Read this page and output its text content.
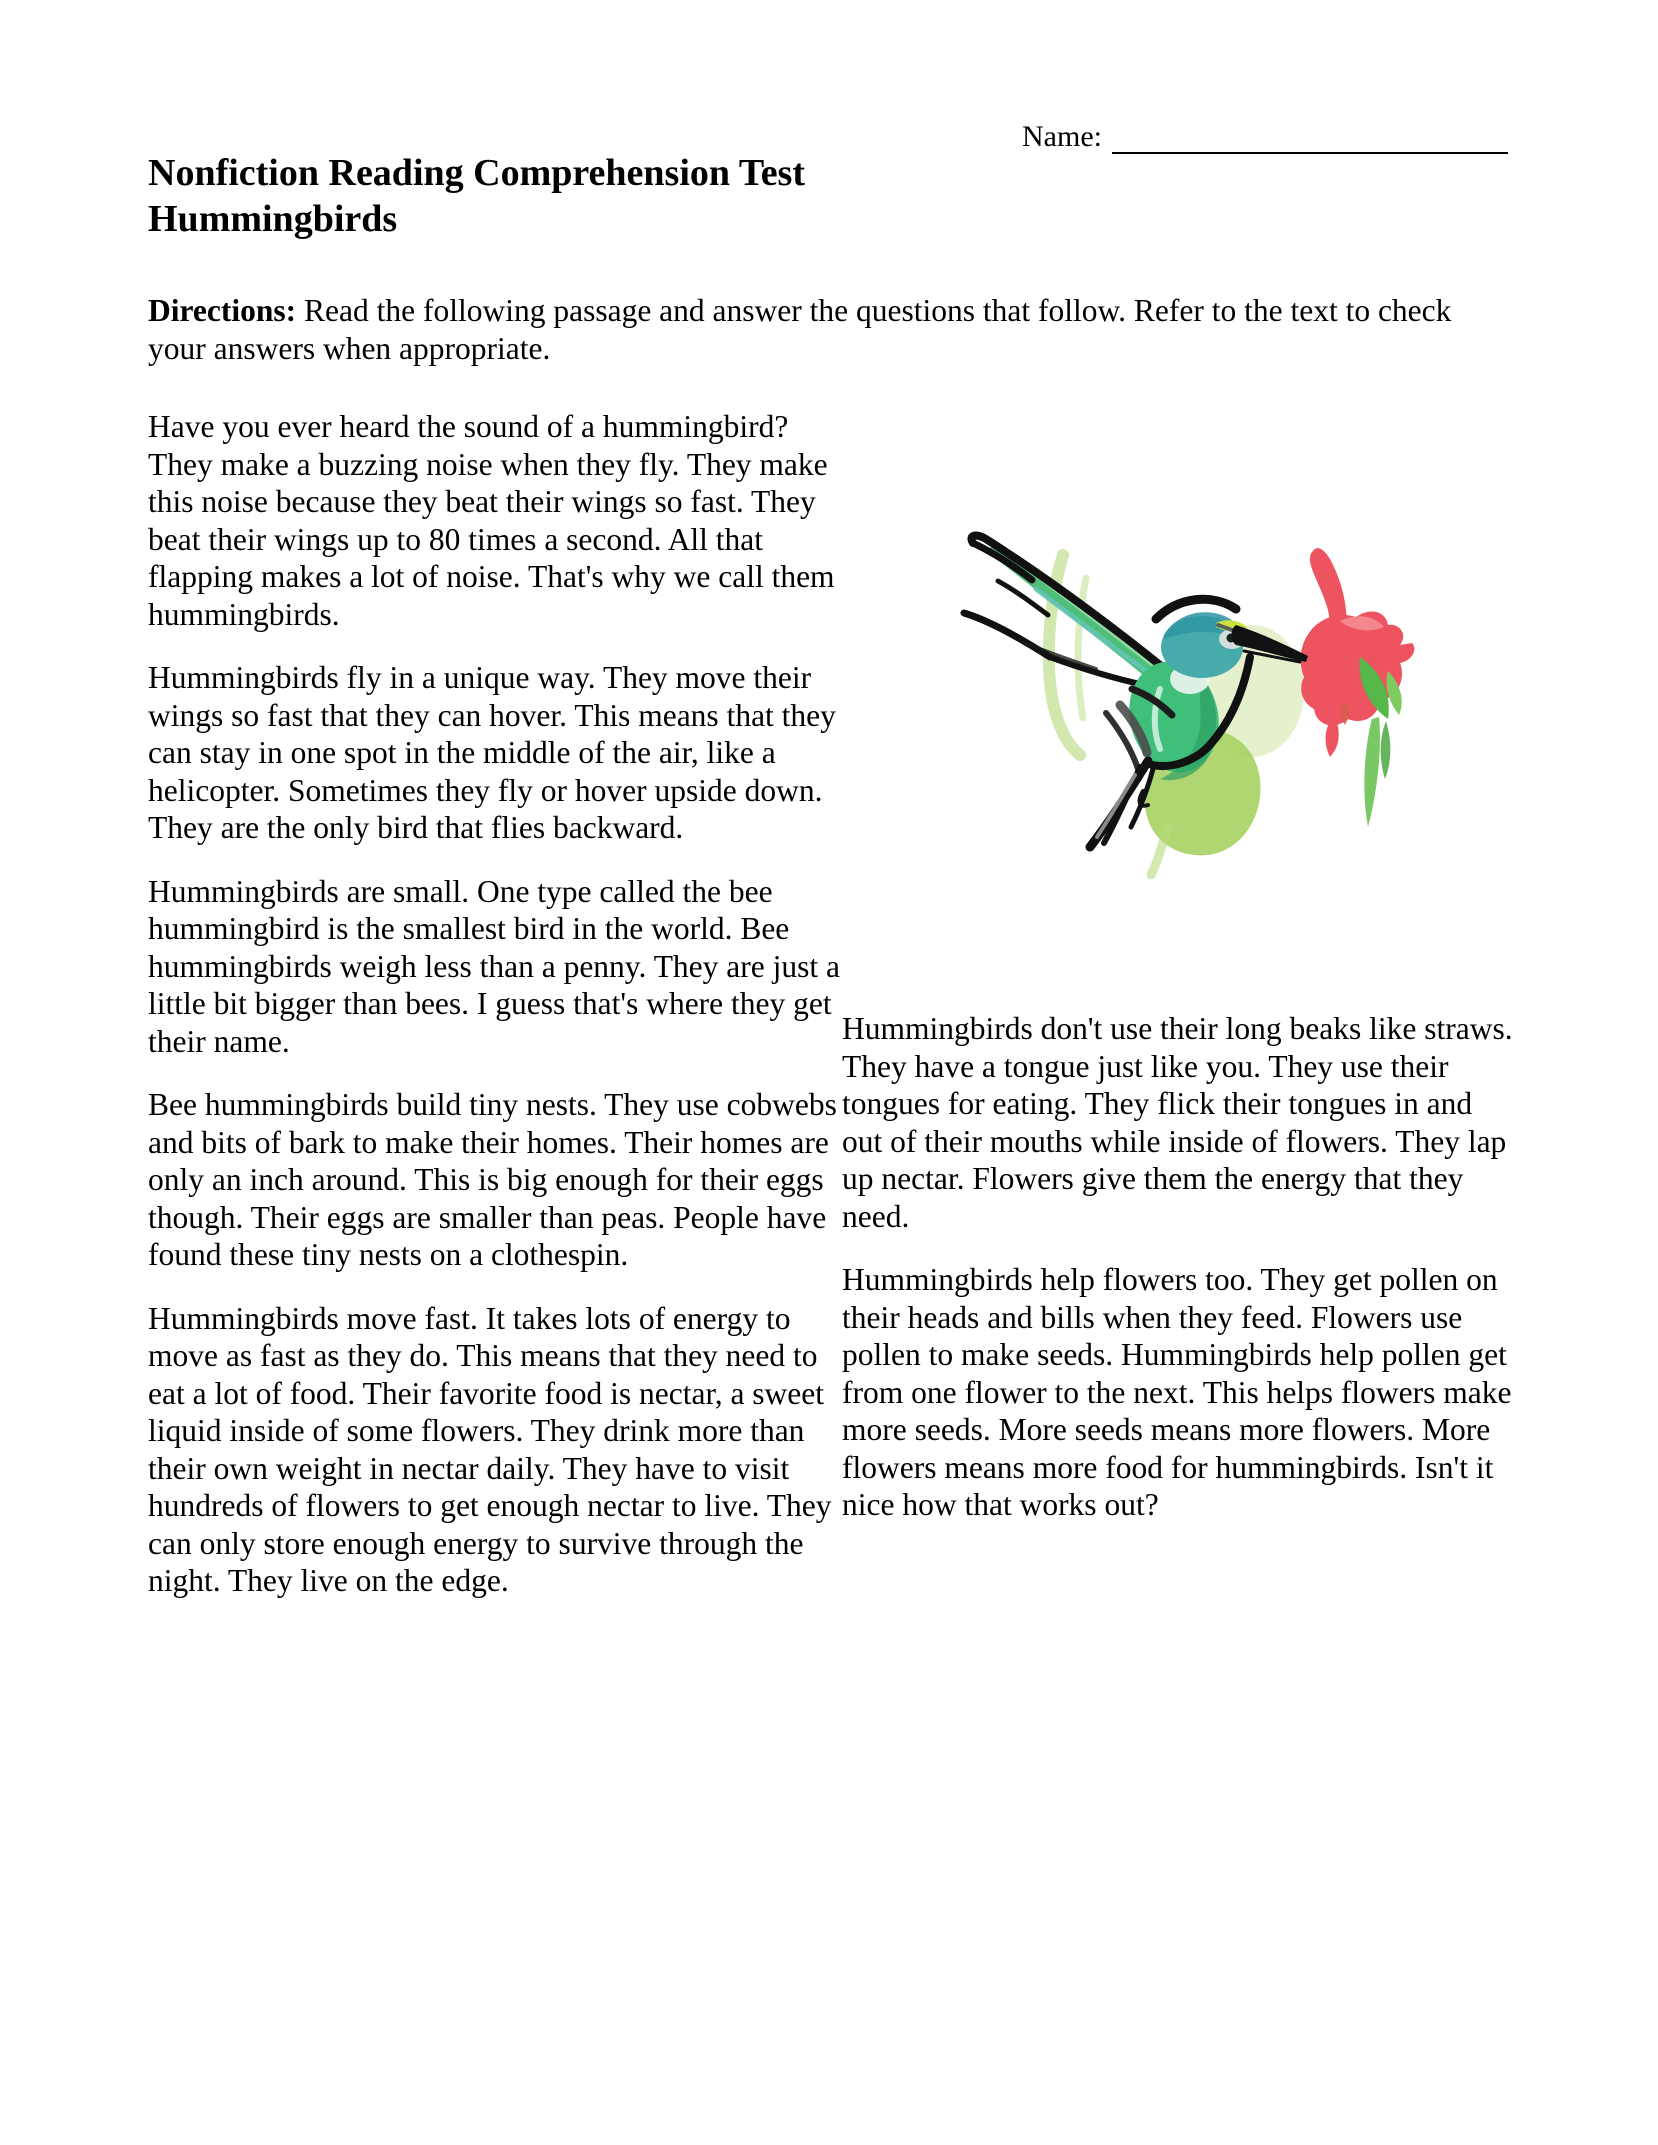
Name:
Nonfiction Reading Comprehension Test
Hummingbirds

Directions: Read the following passage and answer the questions that follow. Refer to the text to check your answers when appropriate.

Have you ever heard the sound of a hummingbird? They make a buzzing noise when they fly. They make this noise because they beat their wings so fast. They beat their wings up to 80 times a second. All that flapping makes a lot of noise. That's why we call them hummingbirds.

Hummingbirds fly in a unique way. They move their wings so fast that they can hover. This means that they can stay in one spot in the middle of the air, like a helicopter. Sometimes they fly or hover upside down. They are the only bird that flies backward.

Hummingbirds are small. One type called the bee hummingbird is the smallest bird in the world. Bee hummingbirds weigh less than a penny. They are just a little bit bigger than bees. I guess that's where they get their name.

Bee hummingbirds build tiny nests. They use cobwebs and bits of bark to make their homes. Their homes are only an inch around. This is big enough for their eggs though. Their eggs are smaller than peas. People have found these tiny nests on a clothespin.

Hummingbirds move fast. It takes lots of energy to move as fast as they do. This means that they need to eat a lot of food. Their favorite food is nectar, a sweet liquid inside of some flowers. They drink more than their own weight in nectar daily. They have to visit hundreds of flowers to get enough nectar to live. They can only store enough energy to survive through the night. They live on the edge.

Hummingbirds don't use their long beaks like straws. They have a tongue just like you. They use their tongues for eating. They flick their tongues in and out of their mouths while inside of flowers. They lap up nectar. Flowers give them the energy that they need.

Hummingbirds help flowers too. They get pollen on their heads and bills when they feed. Flowers use pollen to make seeds. Hummingbirds help pollen get from one flower to the next. This helps flowers make more seeds. More seeds means more flowers. More flowers means more food for hummingbirds. Isn't it nice how that works out?
